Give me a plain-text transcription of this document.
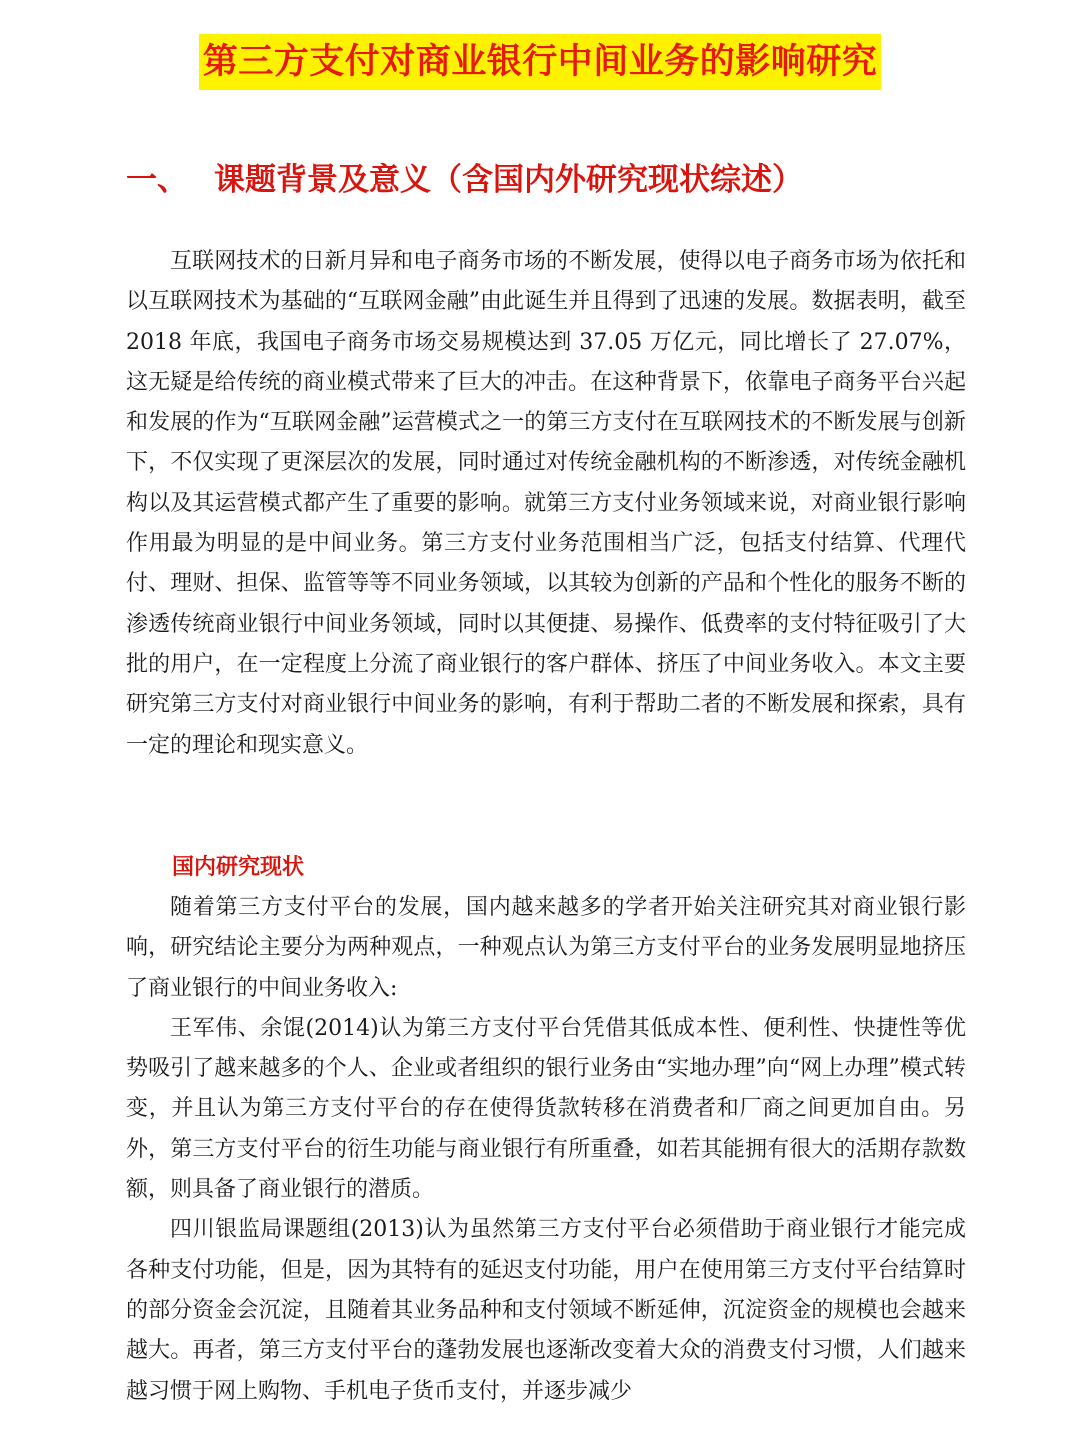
第三方支付对商业银行中间业务的影响研究
一、 课题背景及意义（含国内外研究现状综述）

互联网技术的日新月异和电子商务市场的不断发展，使得以电子商务市场为依托和以互联网技术为基础的“互联网金融”由此诞生并且得到了迅速的发展。数据表明，截至 2018 年底，我国电子商务市场交易规模达到 37.05 万亿元，同比增长了 27.07%，这无疑是给传统的商业模式带来了巨大的冲击。在这种背景下，依靠电子商务平台兴起和发展的作为“互联网金融”运营模式之一的第三方支付在互联网技术的不断发展与创新下，不仅实现了更深层次的发展，同时通过对传统金融机构的不断渗透，对传统金融机构以及其运营模式都产生了重要的影响。就第三方支付业务领域来说，对商业银行影响作用最为明显的是中间业务。第三方支付业务范围相当广泛，包括支付结算、代理代付、理财、担保、监管等等不同业务领域，以其较为创新的产品和个性化的服务不断的渗透传统商业银行中间业务领域，同时以其便捷、易操作、低费率的支付特征吸引了大批的用户，在一定程度上分流了商业银行的客户群体、挤压了中间业务收入。本文主要研究第三方支付对商业银行中间业务的影响，有利于帮助二者的不断发展和探索，具有一定的理论和现实意义。

国内研究现状

随着第三方支付平台的发展，国内越来越多的学者开始关注研究其对商业银行影响，研究结论主要分为两种观点，一种观点认为第三方支付平台的业务发展明显地挤压了商业银行的中间业务收入:

王军伟、余馄(2014)认为第三方支付平台凭借其低成本性、便利性、快捷性等优势吸引了越来越多的个人、企业或者组织的银行业务由“实地办理”向“网上办理”模式转变，并且认为第三方支付平台的存在使得货款转移在消费者和厂商之间更加自由。另外，第三方支付平台的衍生功能与商业银行有所重叠，如若其能拥有很大的活期存款数额，则具备了商业银行的潜质。

四川银监局课题组(2013)认为虽然第三方支付平台必须借助于商业银行才能完成各种支付功能，但是，因为其特有的延迟支付功能，用户在使用第三方支付平台结算时的部分资金会沉淀，且随着其业务品种和支付领域不断延伸，沉淀资金的规模也会越来越大。再者，第三方支付平台的蓬勃发展也逐渐改变着大众的消费支付习惯，人们越来越习惯于网上购物、手机电子货币支付，并逐步减少
